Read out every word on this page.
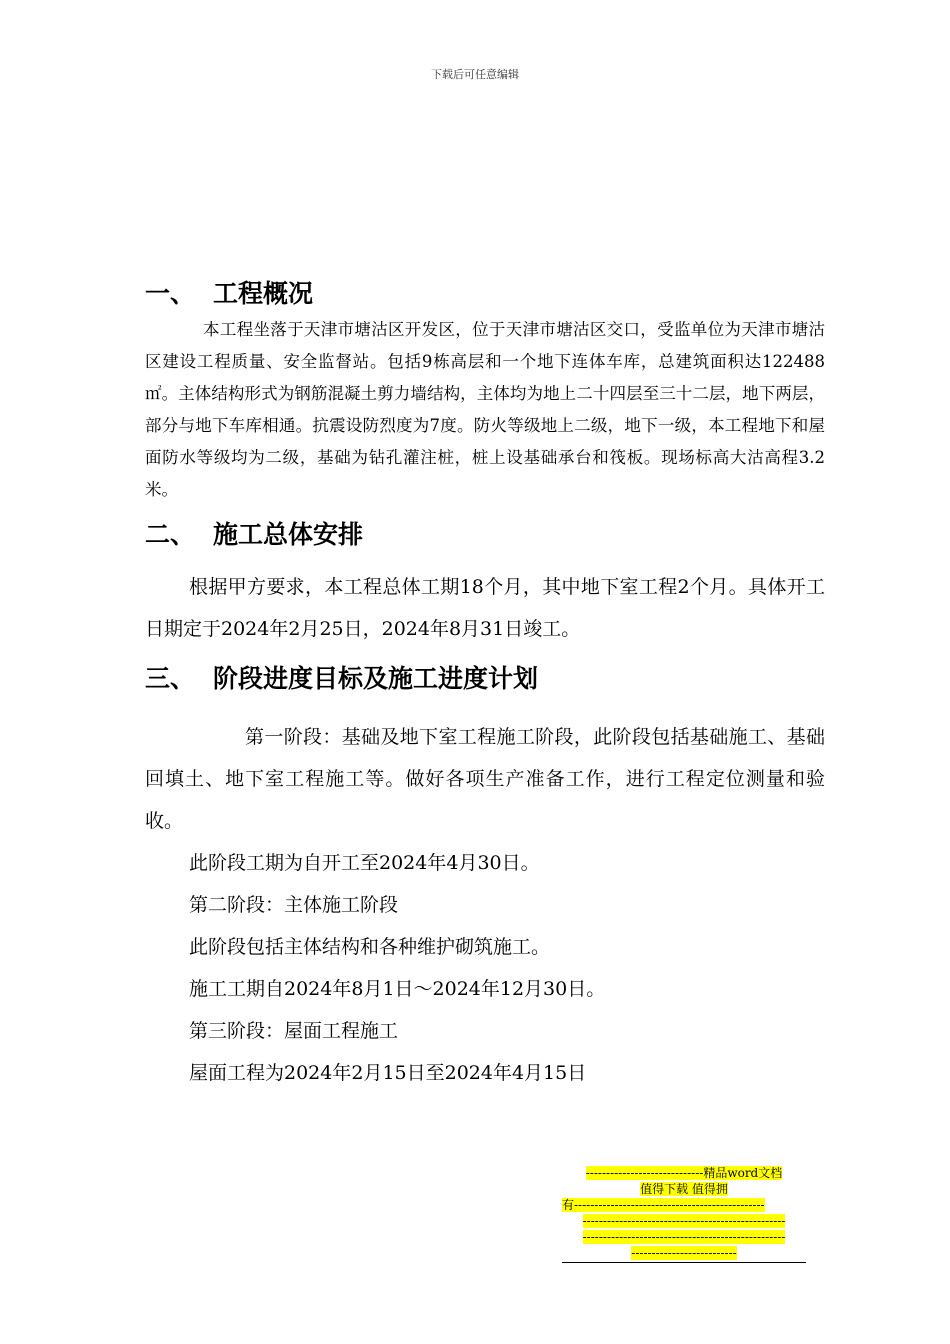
下载后可任意编辑
一、 工程概况

本工程坐落于天津市塘沽区开发区，位于天津市塘沽区交口，受监单位为天津市塘沽区建设工程质量、安全监督站。包括9栋高层和一个地下连体车库，总建筑面积达122488㎡。主体结构形式为钢筋混凝土剪力墙结构，主体均为地上二十四层至三十二层，地下两层，部分与地下车库相通。抗震设防烈度为7度。防火等级地上二级，地下一级，本工程地下和屋面防水等级均为二级，基础为钻孔灌注桩，桩上设基础承台和筏板。现场标高大沽高程3.2米。

二、 施工总体安排

根据甲方要求，本工程总体工期18个月，其中地下室工程2个月。具体开工日期定于2024年2月25日，2024年8月31日竣工。

三、 阶段进度目标及施工进度计划

第一阶段：基础及地下室工程施工阶段，此阶段包括基础施工、基础回填土、地下室工程施工等。做好各项生产准备工作，进行工程定位测量和验收。

此阶段工期为自开工至2024年4月30日。

第二阶段：主体施工阶段

此阶段包括主体结构和各种维护砌筑施工。

施工工期自2024年8月1日～2024年12月30日。

第三阶段：屋面工程施工

屋面工程为2024年2月15日至2024年4月15日

-----------------------------精品word文档
值得下载 值得拥
有-----------------------------------------------
--------------------------------------------------
--------------------------------------------------
--------------------------
